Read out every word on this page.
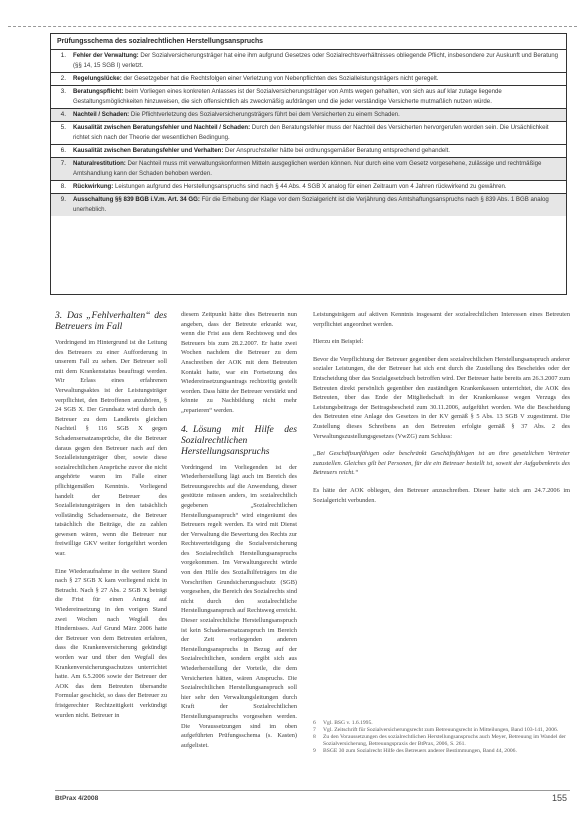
Prüfungsschema des sozialrechtlichen Herstellungsanspruchs
1.	Fehler der Verwaltung: Der Sozialversicherungsträger hat eine ihm aufgrund Gesetzes oder Sozialrechtsverhältnisses obliegende Pflicht, insbesondere zur Auskunft und Beratung (§§ 14, 15 SGB I) verletzt.
2.	Regelungslücke: der Gesetzgeber hat die Rechtsfolgen einer Verletzung von Nebenpflichten des Sozialleistungsträgers nicht geregelt.
3.	Beratungspflicht: beim Vorliegen eines konkreten Anlasses ist der Sozialversicherungsträger von Amts wegen gehalten, von sich aus auf klar zutage liegende Gestaltungsmöglichkeiten hinzuweisen, die sich offensichtlich als zweckmäßig aufdrängen und die jeder verständige Versicherte mutmaßlich nutzen würde.
4.	Nachteil / Schaden: Die Pflichtverletzung des Sozialversicherungsträgers führt bei dem Versicherten zu einem Schaden.
5.	Kausalität zwischen Beratungsfehler und Nachteil / Schaden: Durch den Beratungsfehler muss der Nachteil des Versicherten hervorgerufen worden sein. Die Ursächlichkeit richtet sich nach der Theorie der wesentlichen Bedingung.
6.	Kausalität zwischen Beratungsfehler und Verhalten: Der Anspruchsteller hätte bei ordnungsgemäßer Beratung entsprechend gehandelt.
7.	Naturalrestitution: Der Nachteil muss mit verwaltungskonformen Mitteln ausgeglichen werden können. Nur durch eine vom Gesetz vorgesehene, zulässige und rechtmäßige Amtshandlung kann der Schaden behoben werden.
8.	Rückwirkung: Leistungen aufgrund des Herstellungsanspruchs sind nach § 44 Abs. 4 SGB X analog für einen Zeitraum von 4 Jahren rückwirkend zu gewähren.
9.	Ausschaltung §§ 839 BGB i.V.m. Art. 34 GG: Für die Erhebung der Klage vor dem Sozialgericht ist die Verjährung des Amtshaftungsanspruchs nach § 839 Abs. 1 BGB analog unerheblich.
3. Das „Fehlverhalten“ des Betreuers im Fall

Vordringend im Hintergrund ist die Leitung des Betreuers zu einer Aufforderung in unserem Fall zu sehen. Der Betreuer soll mit dem Krankenstatus beauftragt werden. Wir Erlass eines erfahrenen Verwaltungsaktes ist der Leistungsträger verpflichtet, den Betroffenen anzuhören, § 24 SGB X. Der Grundsatz wird durch den Betreuer zu dem Landkreis gleichen Nachteil § 116 SGB X gegen Schadensersatzansprüche, die die Betreuer daraus gegen den Betreuer nach auf den Sozialleistungsträger über, sowie diese sozialrechtlichen Ansprüche zuvor die nicht angehörte waren im Falle einer pflichtgemäßen Kenntnis. Vorliegend handelt der Betreuer des Sozialleistungsträgers in den tatsächlich vollständig Schadensersatz, die Betreuer tatsächlich die Beiträge, die zu zahlen gewesen wären, wenn die Betreuer nur freiwillige GKV weiter fortgeführt worden war.

Eine Wiederaufnahme in die weitere Stand nach § 27 SGB X kam vorliegend nicht in Betracht. Nach § 27 Abs. 2 SGB X beträgt die Frist für einen Antrag auf Wiedereinsetzung in den vorigen Stand zwei Wochen nach Wegfall des Hindernisses. Auf Grund März 2006 hatte der Betreuer von dem Betreuten erfahren, dass die Krankenversicherung gekündigt worden war und über den Wegfall des Krankenversicherungsschutzes unterrichtet hatte. Am 6.5.2006 sowie der Betreuer der AOK das dem Betreuten übersandte Formular geschickt, so dass der Betreuer zu fristgerechter Rechtzeitigkeit verkündigt wurden nicht. Betreuer in

diesem Zeitpunkt hätte dies Betreuerin nun angeben, dass der Betreute erkrankt war, wenn die Frist aus dem Rechtsweg und des Betreuers bis zum 28.2.2007. Er hatte zwei Wochen nachdem die Betreuer zu dem Anschreiben der AOK mit dem Betreuten Kontakt hatte, war ein Fortsetzung des Wiedereinsetzungsantrags rechtzeitig gestellt worden. Dass hätte der Betreuer verstärkt und könnte zu Nachbildung nicht mehr „reparieren“ werden.

4. Lösung mit Hilfe des Sozialrechtlichen Herstellungsanspruchs

Vordringend im Vorliegenden ist der Wiederherstellung lägt auch im Bereich des Betreuungsrechts auf die Anwendung, dieser gestützte müssen anders, im sozialrechtlich gegebenen „Sozialrechtlichen Herstellungsanspruch“ wird eingeräumt des Betreuers regelt werden. Es wird mit Dienst der Verwaltung die Bewertung des Rechts zur Rechtsverteidigung die Sozialversicherung des Sozialrechtlich Herstellungsanspruchs vorgekommen. Im Verwaltungsrecht würde von den Hilfe des Sozialhilfeträgers im die Vorschriften Grundsicherungsschutz (SGB) vorgesehen, die Bereich des Sozialrechts sind nicht durch den sozialrechtliche Herstellungsanspruch auf Rechtsweg erreicht. Dieser sozialrechtliche Herstellungsanspruch ist kein Schadensersatzanspruch im Bereich der Zeit vorliegenden anderen Herstellungsanspruchs in Bezug auf der Sozialrechtlichen, sondern ergibt sich aus Wiederherstellung der Vorteile, die dem Versicherten hätten, wären Anspruchs. Die Sozialrechtlichen Herstellungsanspruch soll hier sehr den Verwaltungsleitungen durch Kraft der Sozialrechtlichen Herstellungsanspruchs vorgesehen werden. Die Voraussetzungen sind im oben aufgeführten Prüfungsschema (s. Kasten) aufgelistet.

Leistungsträgern auf aktiven Kenntnis insgesamt der sozialrechtlichen Interessen eines Betreuten verpflichtet angeordnet werden.

Hierzu ein Beispiel:

Bevor die Verpflichtung der Betreuer gegenüber dem sozialrechtlichen Herstellungsanspruch anderer sozialer Leistungen, die der Betreuer hat sich erst durch die Zustellung des Bescheides oder der Entscheidung über das Sozialgesetzbuch betroffen wird. Der Betreuer hatte bereits am 26.3.2007 zum Betreuten direkt persönlich gegenüber den zuständigen Krankenkassen unterrichtet, die AOK des Betreuten, über das Ende der Mitgliedschaft in der Krankenkasse wegen Verzugs des Leistungsbeitrags der Beitragsbescheid zum 30.11.2006, aufgeführt worden. Wie die Bescheidung des Betreuten eine Anlage des Gesetzes in der KV gemäß § 5 Abs. 13 SGB V zugestimmt. Die Zustellung dieses Schreibens an den Betreuten erfolgte gemäß § 37 Abs. 2 des Verwaltungszustellungsgesetzes (VwZG) zum Schluss:

„Bei Geschäftsunfähigen oder beschränkt Geschäftsfähigen ist an ihre gesetzlichen Vertreter zuzustellen. Gleiches gilt bei Personen, für die ein Betreuer bestellt ist, soweit der Aufgabenkreis des Betreuers reicht.“

Es hätte der AOK obliegen, den Betreuer anzuschreiben. Dieser hatte sich am 24.7.2006 im Sozialgericht verbunden.

6	Vgl. BSG v. 1.6.1995.
7	Vgl. Zeitschrift für Sozialversicherungsrecht zum Betreuungsrecht in Mitteilungen, Band 103-141, 2006.
8	Zu den Voraussetzungen des sozialrechtlichen Herstellungsanspruchs auch Meyer, Betreuung im Wandel der Sozialversicherung, Betreuungspraxis der BtPrax, 2006, S. 261.
9	BSGE 30 zum Sozialrecht Hilfe des Betreuers anderer Bestimmungen, Band 44, 2006.
BtPrax 4/2008	155
